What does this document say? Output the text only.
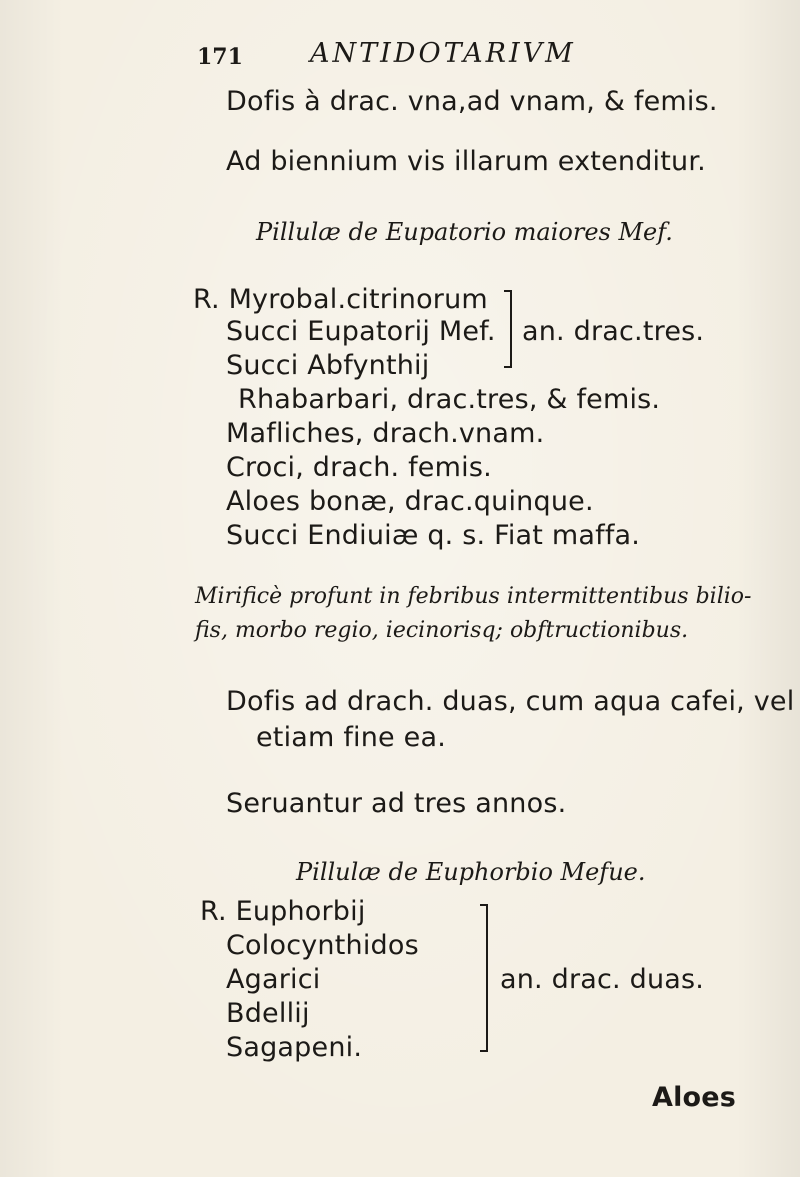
171 ANTIDOTARIVM
Dofis à drac. vna,ad vnam, & femis.
Ad biennium vis illarum extenditur.
Pillulæ de Eupatorio maiores Mef.
R. Myrobal.citrinorum
Succi Eupatorij Mef.
Succi Abfynthij
an. drac.tres.
Rhabarbari, drac.tres, & femis.
Mafliches, drach.vnam.
Croci, drach. femis.
Aloes bonæ, drac.quinque.
Succi Endiuiæ q. s. Fiat maffa.
Mirificè profunt in febribus intermittentibus bilio-
fis, morbo regio, iecinorisq; obftructionibus.
Dofis ad drach. duas, cum aqua cafei, vel
etiam fine ea.
Seruantur ad tres annos.
Pillulæ de Euphorbio Mefue.
R. Euphorbij
Colocynthidos
Agarici
Bdellij
Sagapeni.
an. drac. duas.
Aloes
